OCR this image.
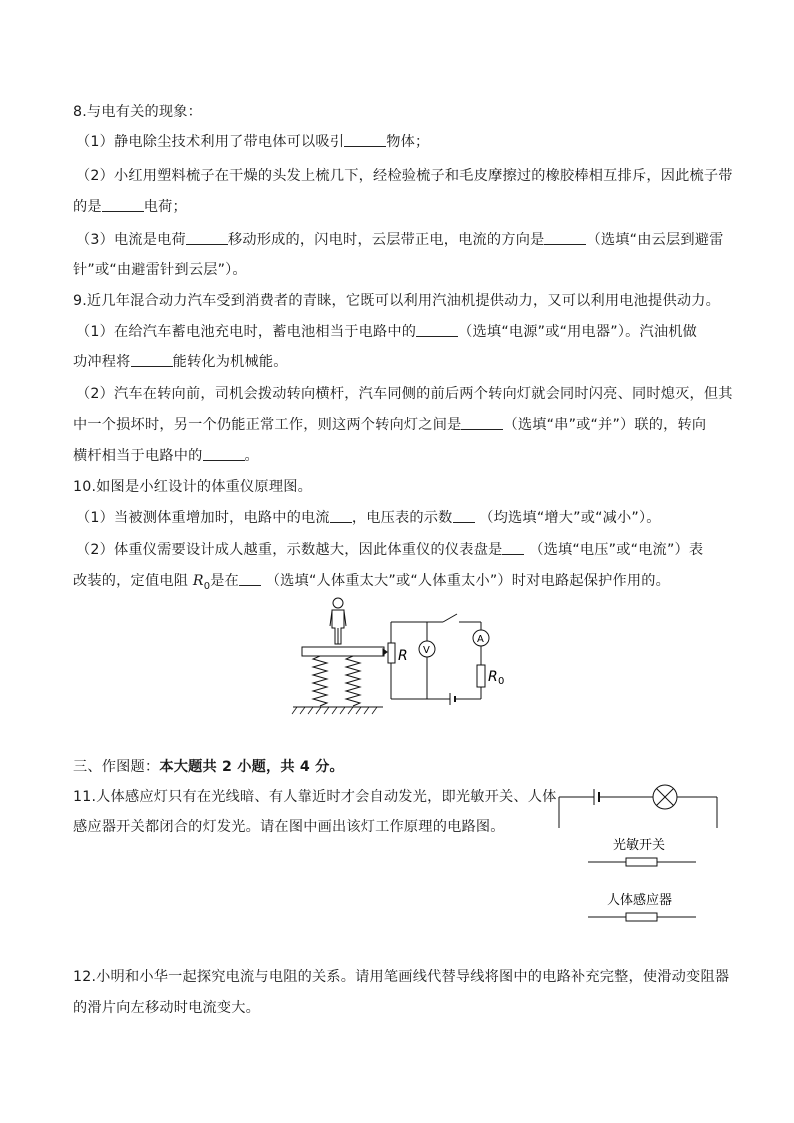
8.与电有关的现象：
（1）静电除尘技术利用了带电体可以吸引	物体；
（2）小红用塑料梳子在干燥的头发上梳几下，经检验梳子和毛皮摩擦过的橡胶棒相互排斥，因此梳子带
的是	电荷；
（3）电流是电荷	移动形成的，闪电时，云层带正电，电流的方向是	（选填“由云层到避雷
针”或“由避雷针到云层”）。
9.近几年混合动力汽车受到消费者的青睐，它既可以利用汽油机提供动力，又可以利用电池提供动力。
（1）在给汽车蓄电池充电时，蓄电池相当于电路中的	（选填“电源”或“用电器”）。汽油机做
功冲程将	能转化为机械能。
（2）汽车在转向前，司机会拨动转向横杆，汽车同侧的前后两个转向灯就会同时闪亮、同时熄灭，但其
中一个损坏时，另一个仍能正常工作，则这两个转向灯之间是	（选填“串”或“并”）联的，转向
横杆相当于电路中的	。
10.如图是小红设计的体重仪原理图。
（1）当被测体重增加时，电路中的电流 ，电压表的示数 （均选填“增大”或“减小”）。
（2）体重仪需要设计成人越重，示数越大，因此体重仪的仪表盘是 （选填“电压”或“电流”）表
改装的，定值电阻 $R_0$是在 （选填“人体重太大”或“人体重太小”）时对电路起保护作用的。
R V
A
R 0
三、作图题：本大题共 2 小题，共 4 分。
11.人体感应灯只有在光线暗、有人靠近时才会自动发光，即光敏开关、人体
感应器开关都闭合的灯发光。请在图中画出该灯工作原理的电路图。
光敏开关
人体感应器
12.小明和小华一起探究电流与电阻的关系。请用笔画线代替导线将图中的电路补充完整，使滑动变阻器
的滑片向左移动时电流变大。
